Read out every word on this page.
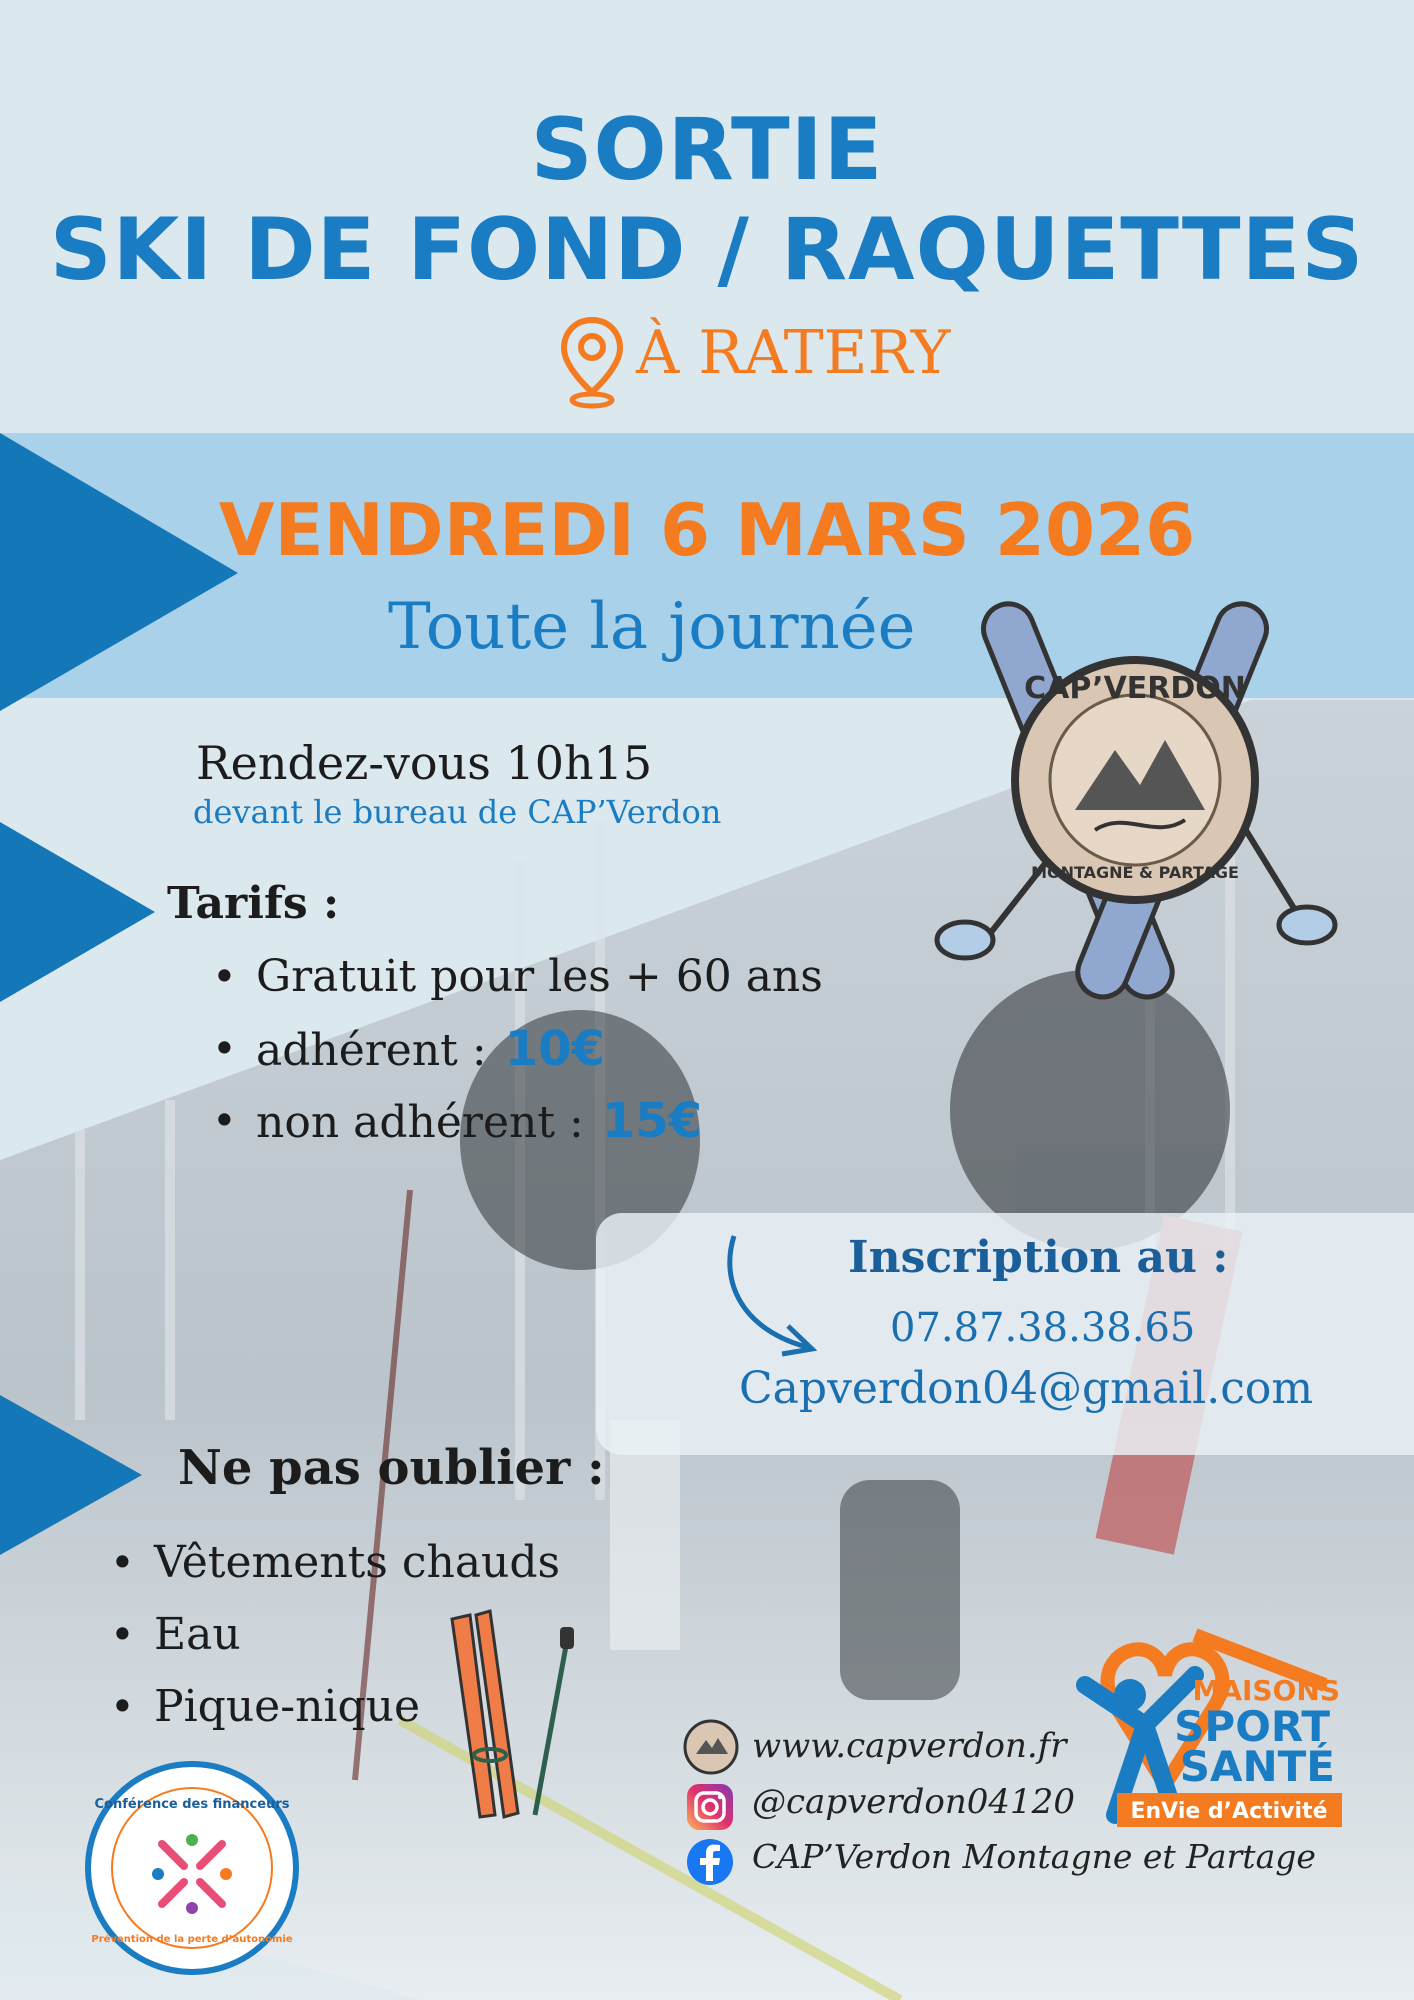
SORTIE
SKI DE FOND / RAQUETTES
À RATERY
VENDREDI 6 MARS 2026
Toute la journée
Rendez-vous 10h15
devant le bureau de CAP’Verdon
Tarifs :
• Gratuit pour les + 60 ans
• adhérent : 10€
• non adhérent : 15€
CAP’VERDON
MONTAGNE & PARTAGE
Inscription au :
07.87.38.38.65
Capverdon04@gmail.com
Ne pas oublier :
• Vêtements chauds
• Eau
• Pique-nique
Conférence des financeurs
Prévention de la perte d’autonomie
www.capverdon.fr
@capverdon04120
CAP’Verdon Montagne et Partage
MAISONS
SPORT
SANTÉ
EnVie d’Activité
